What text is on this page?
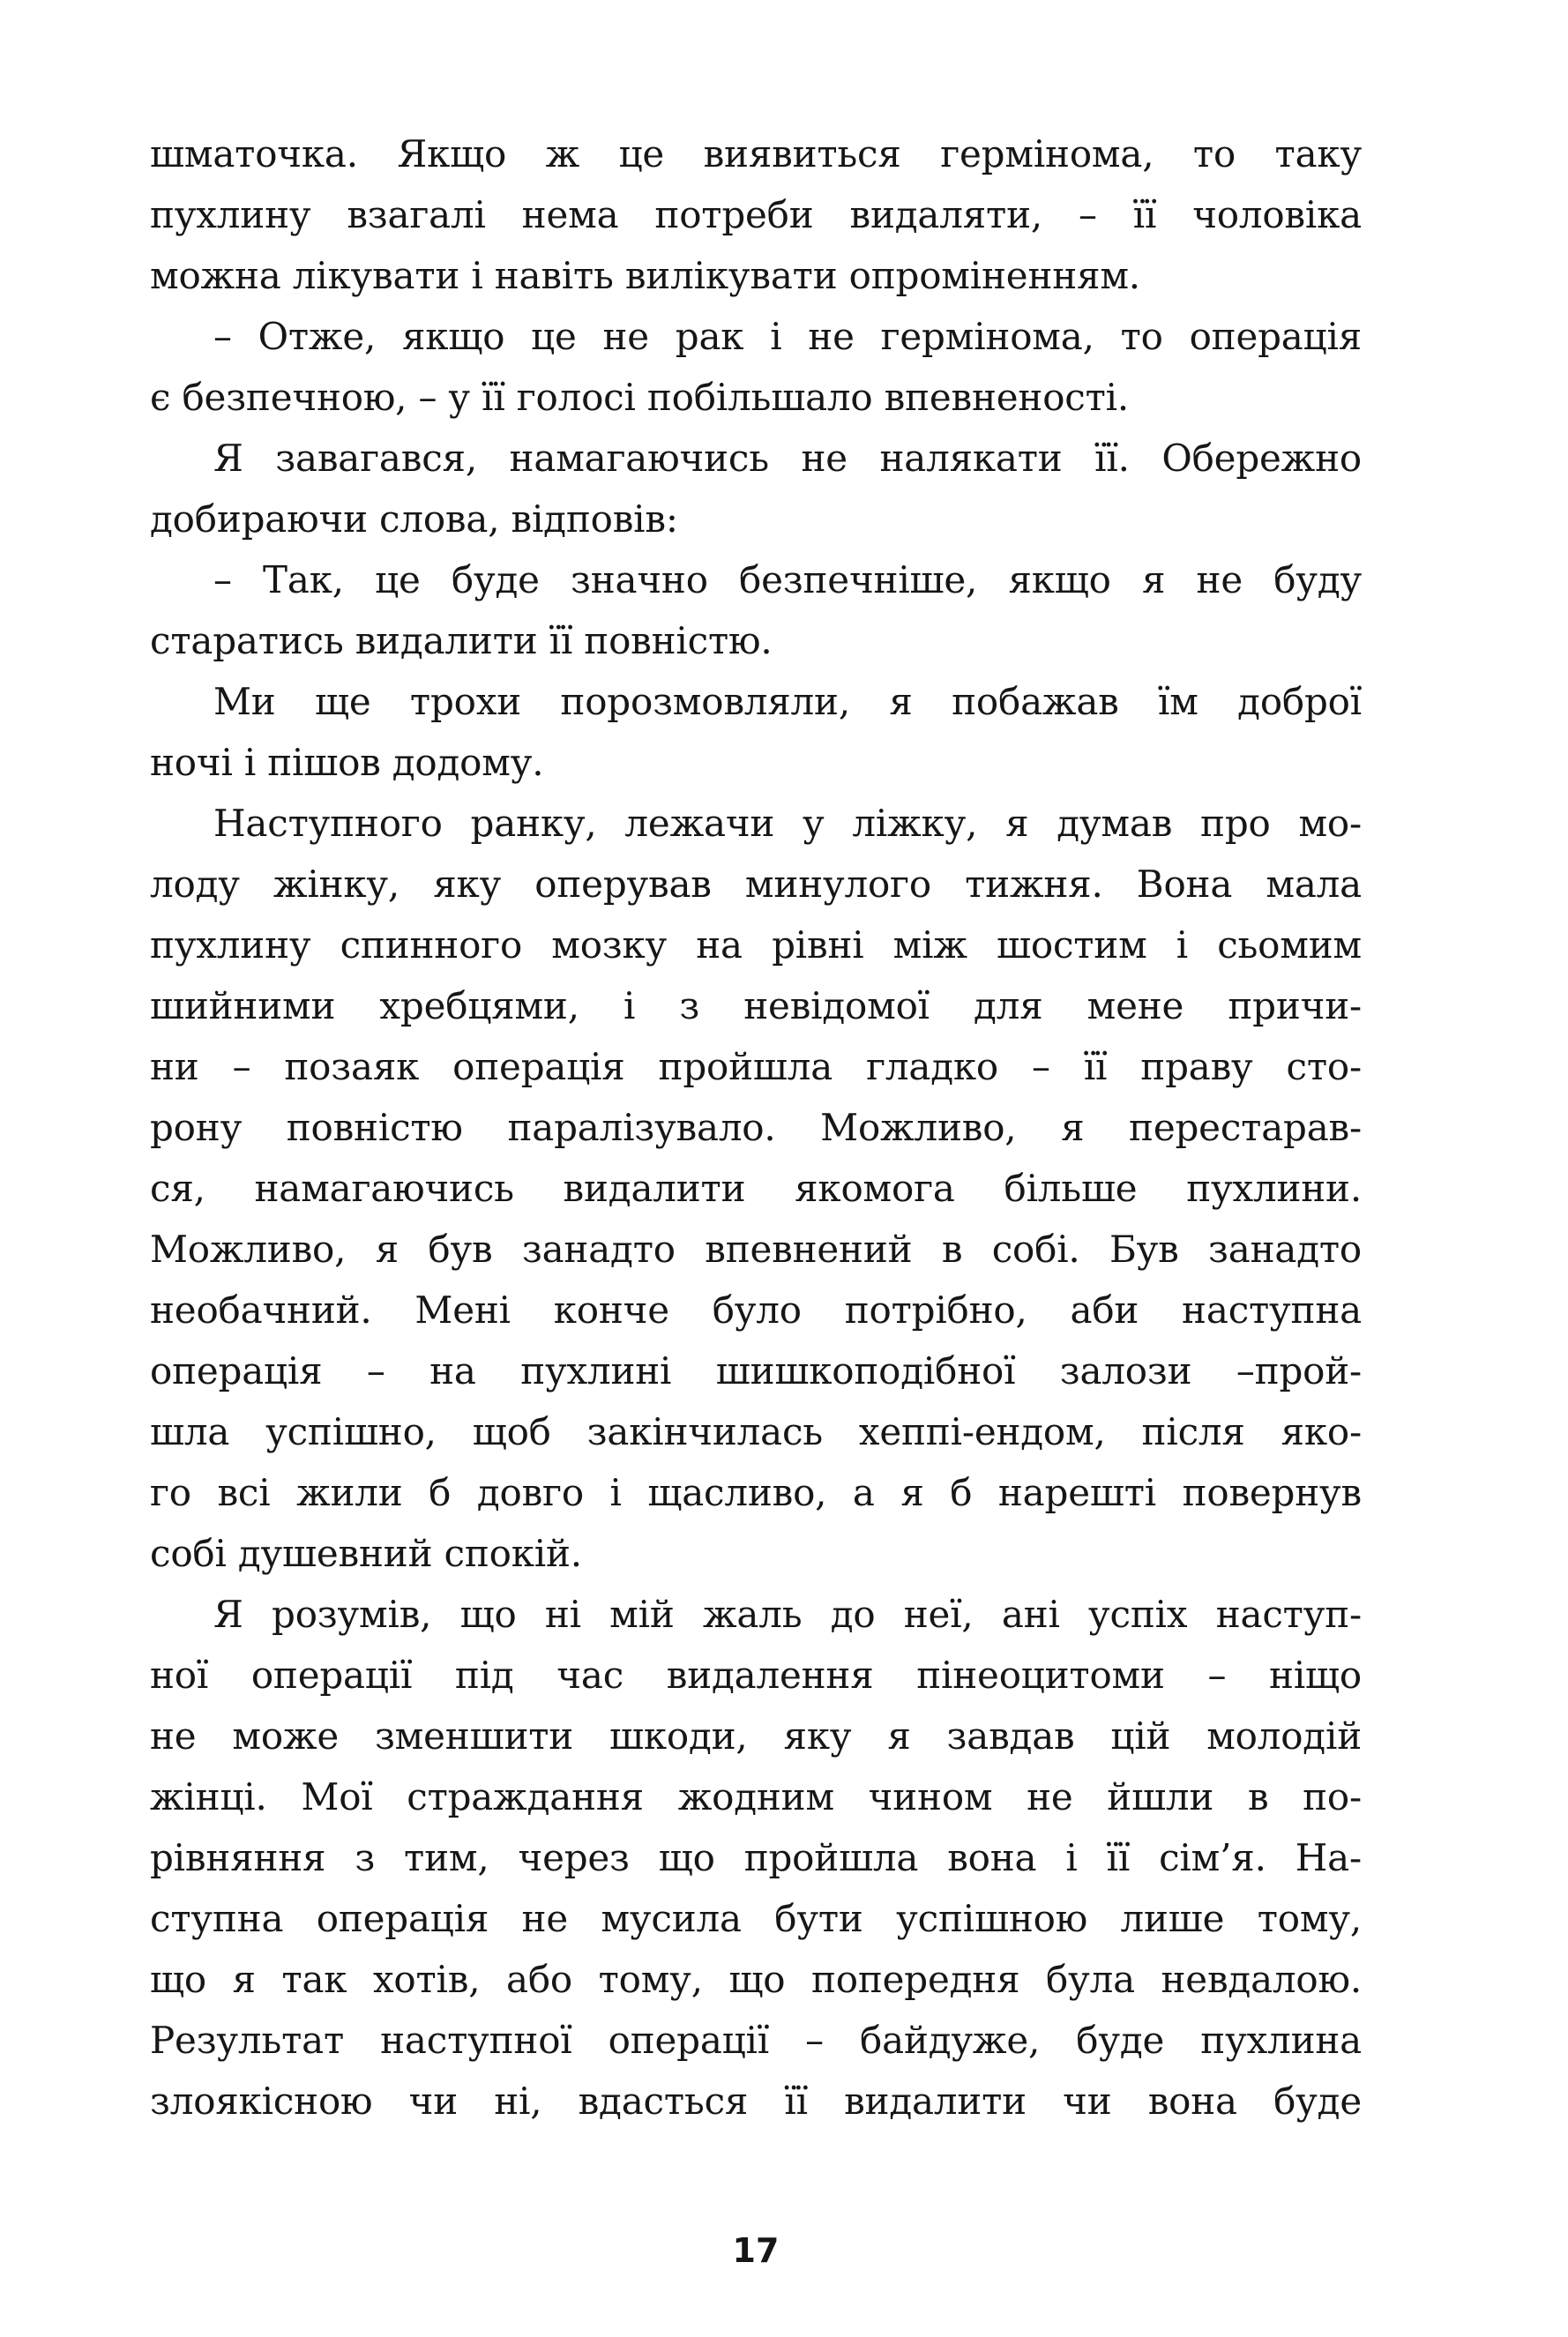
шматочка. Якщо ж це виявиться гермінома, то таку
пухлину взагалі нема потреби видаляти, – її чоловіка
можна лікувати і навіть вилікувати опроміненням.
– Отже, якщо це не рак і не гермінома, то операція
є безпечною, – у її голосі побільшало впевненості.
Я завагався, намагаючись не налякати її. Обережно
добираючи слова, відповів:
– Так, це буде значно безпечніше, якщо я не буду
старатись видалити її повністю.
Ми ще трохи порозмовляли, я побажав їм доброї
ночі і пішов додому.
Наступного ранку, лежачи у ліжку, я думав про мо-
лоду жінку, яку оперував минулого тижня. Вона мала
пухлину спинного мозку на рівні між шостим і сьомим
шийними хребцями, і з невідомої для мене причи-
ни – позаяк операція пройшла гладко – її праву сто-
рону повністю паралізувало. Можливо, я перестарав-
ся, намагаючись видалити якомога більше пухлини.
Можливо, я був занадто впевнений в собі. Був занадто
необачний. Мені конче було потрібно, аби наступна
операція – на пухлині шишкоподібної залози –прой-
шла успішно, щоб закінчилась хеппі-ендом, після яко-
го всі жили б довго і щасливо, а я б нарешті повернув
собі душевний спокій.
Я розумів, що ні мій жаль до неї, ані успіх наступ-
ної операції під час видалення пінеоцитоми – ніщо
не може зменшити шкоди, яку я завдав цій молодій
жінці. Мої страждання жодним чином не йшли в по-
рівняння з тим, через що пройшла вона і її сім’я. На-
ступна операція не мусила бути успішною лише тому,
що я так хотів, або тому, що попередня була невдалою.
Результат наступної операції – байдуже, буде пухлина
злоякісною чи ні, вдасться її видалити чи вона буде
17
